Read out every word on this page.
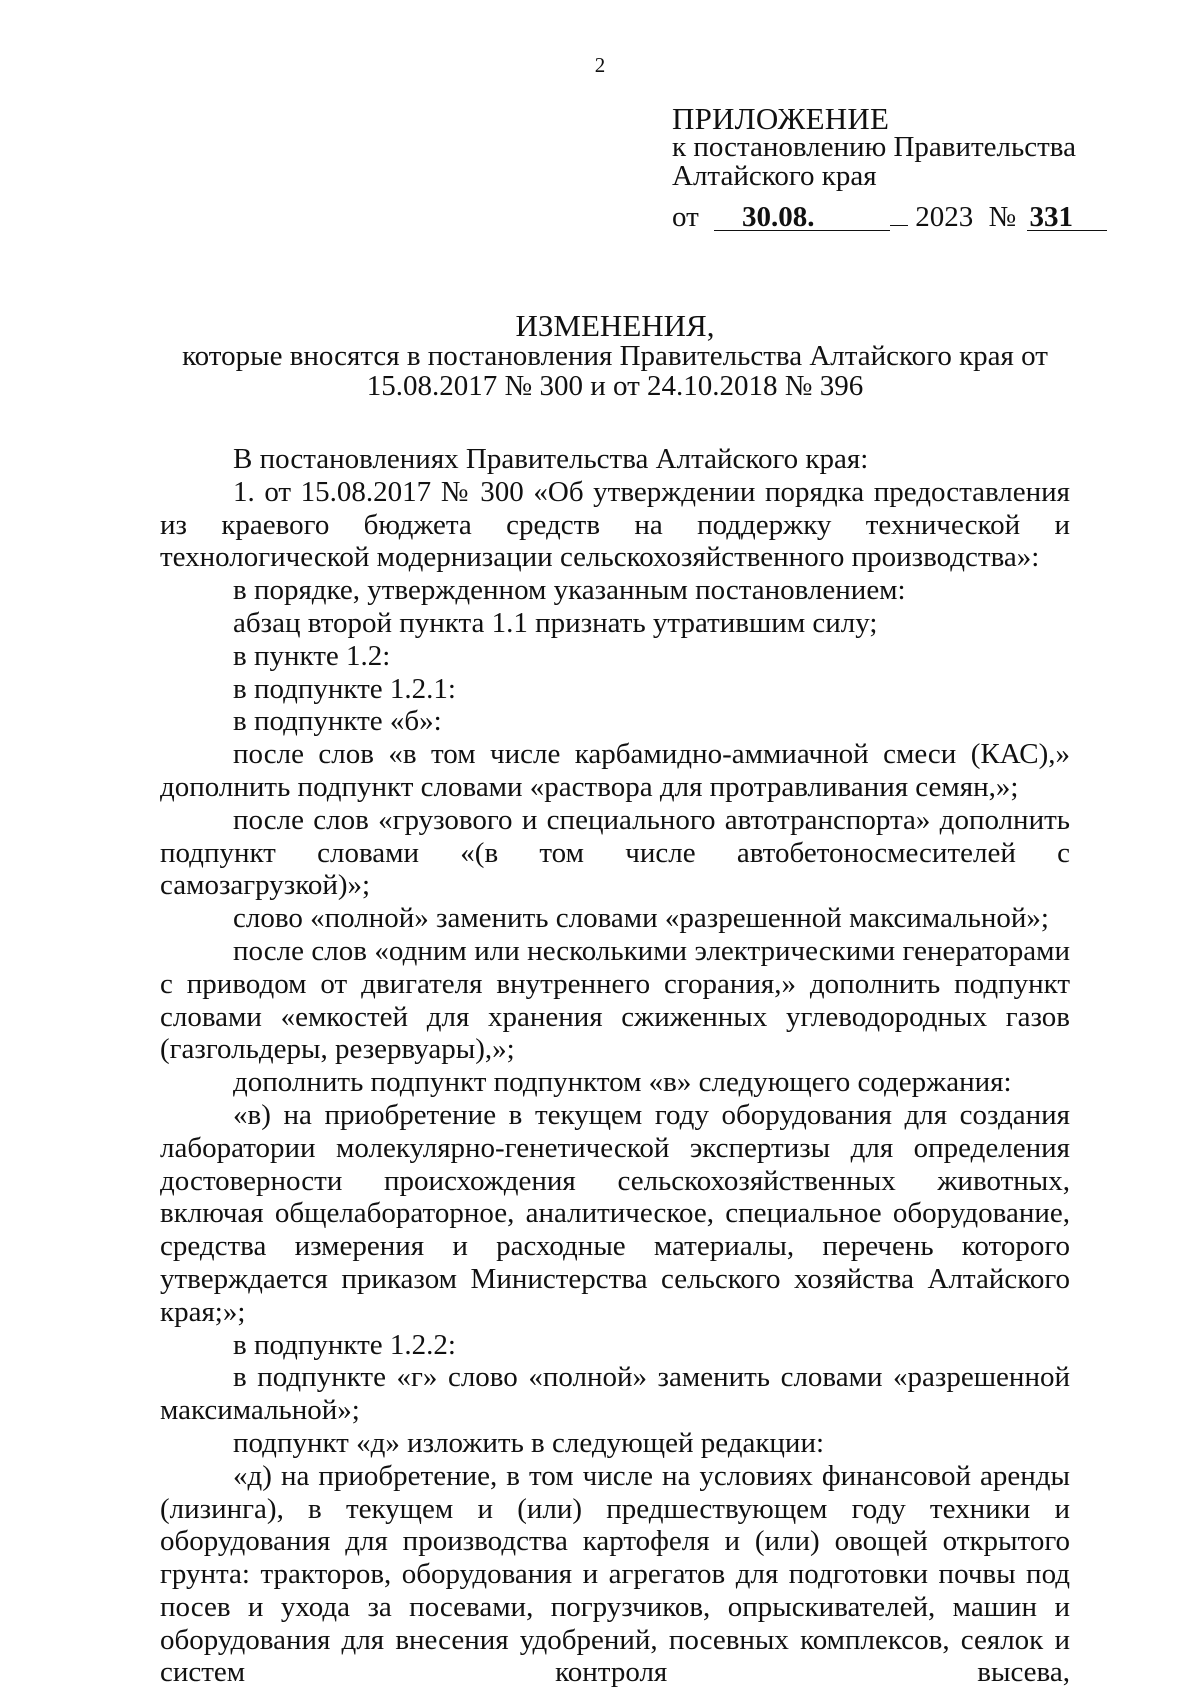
2
ПРИЛОЖЕНИЕ
к постановлению Правительства
Алтайского края
от 30.08.	2023 № 331
ИЗМЕНЕНИЯ,
которые вносятся в постановления Правительства Алтайского края от
15.08.2017 № 300 и от 24.10.2018 № 396

В постановлениях Правительства Алтайского края:

1. от 15.08.2017 № 300 «Об утверждении порядка предоставления из краевого бюджета средств на поддержку технической и технологической модернизации сельскохозяйственного производства»:

в порядке, утвержденном указанным постановлением:

абзац второй пункта 1.1 признать утратившим силу;

в пункте 1.2:

в подпункте 1.2.1:

в подпункте «б»:

после слов «в том числе карбамидно-аммиачной смеси (КАС),» дополнить подпункт словами «раствора для протравливания семян,»;

после слов «грузового и специального автотранспорта» дополнить подпункт словами «(в том числе автобетоносмесителей с самозагрузкой)»;

слово «полной» заменить словами «разрешенной максимальной»;

после слов «одним или несколькими электрическими генераторами с приводом от двигателя внутреннего сгорания,» дополнить подпункт словами «емкостей для хранения сжиженных углеводородных газов (газгольдеры, резервуары),»;

дополнить подпункт подпунктом «в» следующего содержания:

«в) на приобретение в текущем году оборудования для создания лаборатории молекулярно-генетической экспертизы для определения достоверности происхождения сельскохозяйственных животных, включая общелабораторное, аналитическое, специальное оборудование, средства измерения и расходные материалы, перечень которого утверждается приказом Министерства сельского хозяйства Алтайского края;»;

в подпункте 1.2.2:

в подпункте «г» слово «полной» заменить словами «разрешенной максимальной»;

подпункт «д» изложить в следующей редакции:

«д) на приобретение, в том числе на условиях финансовой аренды (лизинга), в текущем и (или) предшествующем году техники и оборудования для производства картофеля и (или) овощей открытого грунта: тракторов, оборудования и агрегатов для подготовки почвы под посев и ухода за посевами, погрузчиков, опрыскивателей, машин и оборудования для внесения удобрений, посевных комплексов, сеялок и систем контроля высева,
